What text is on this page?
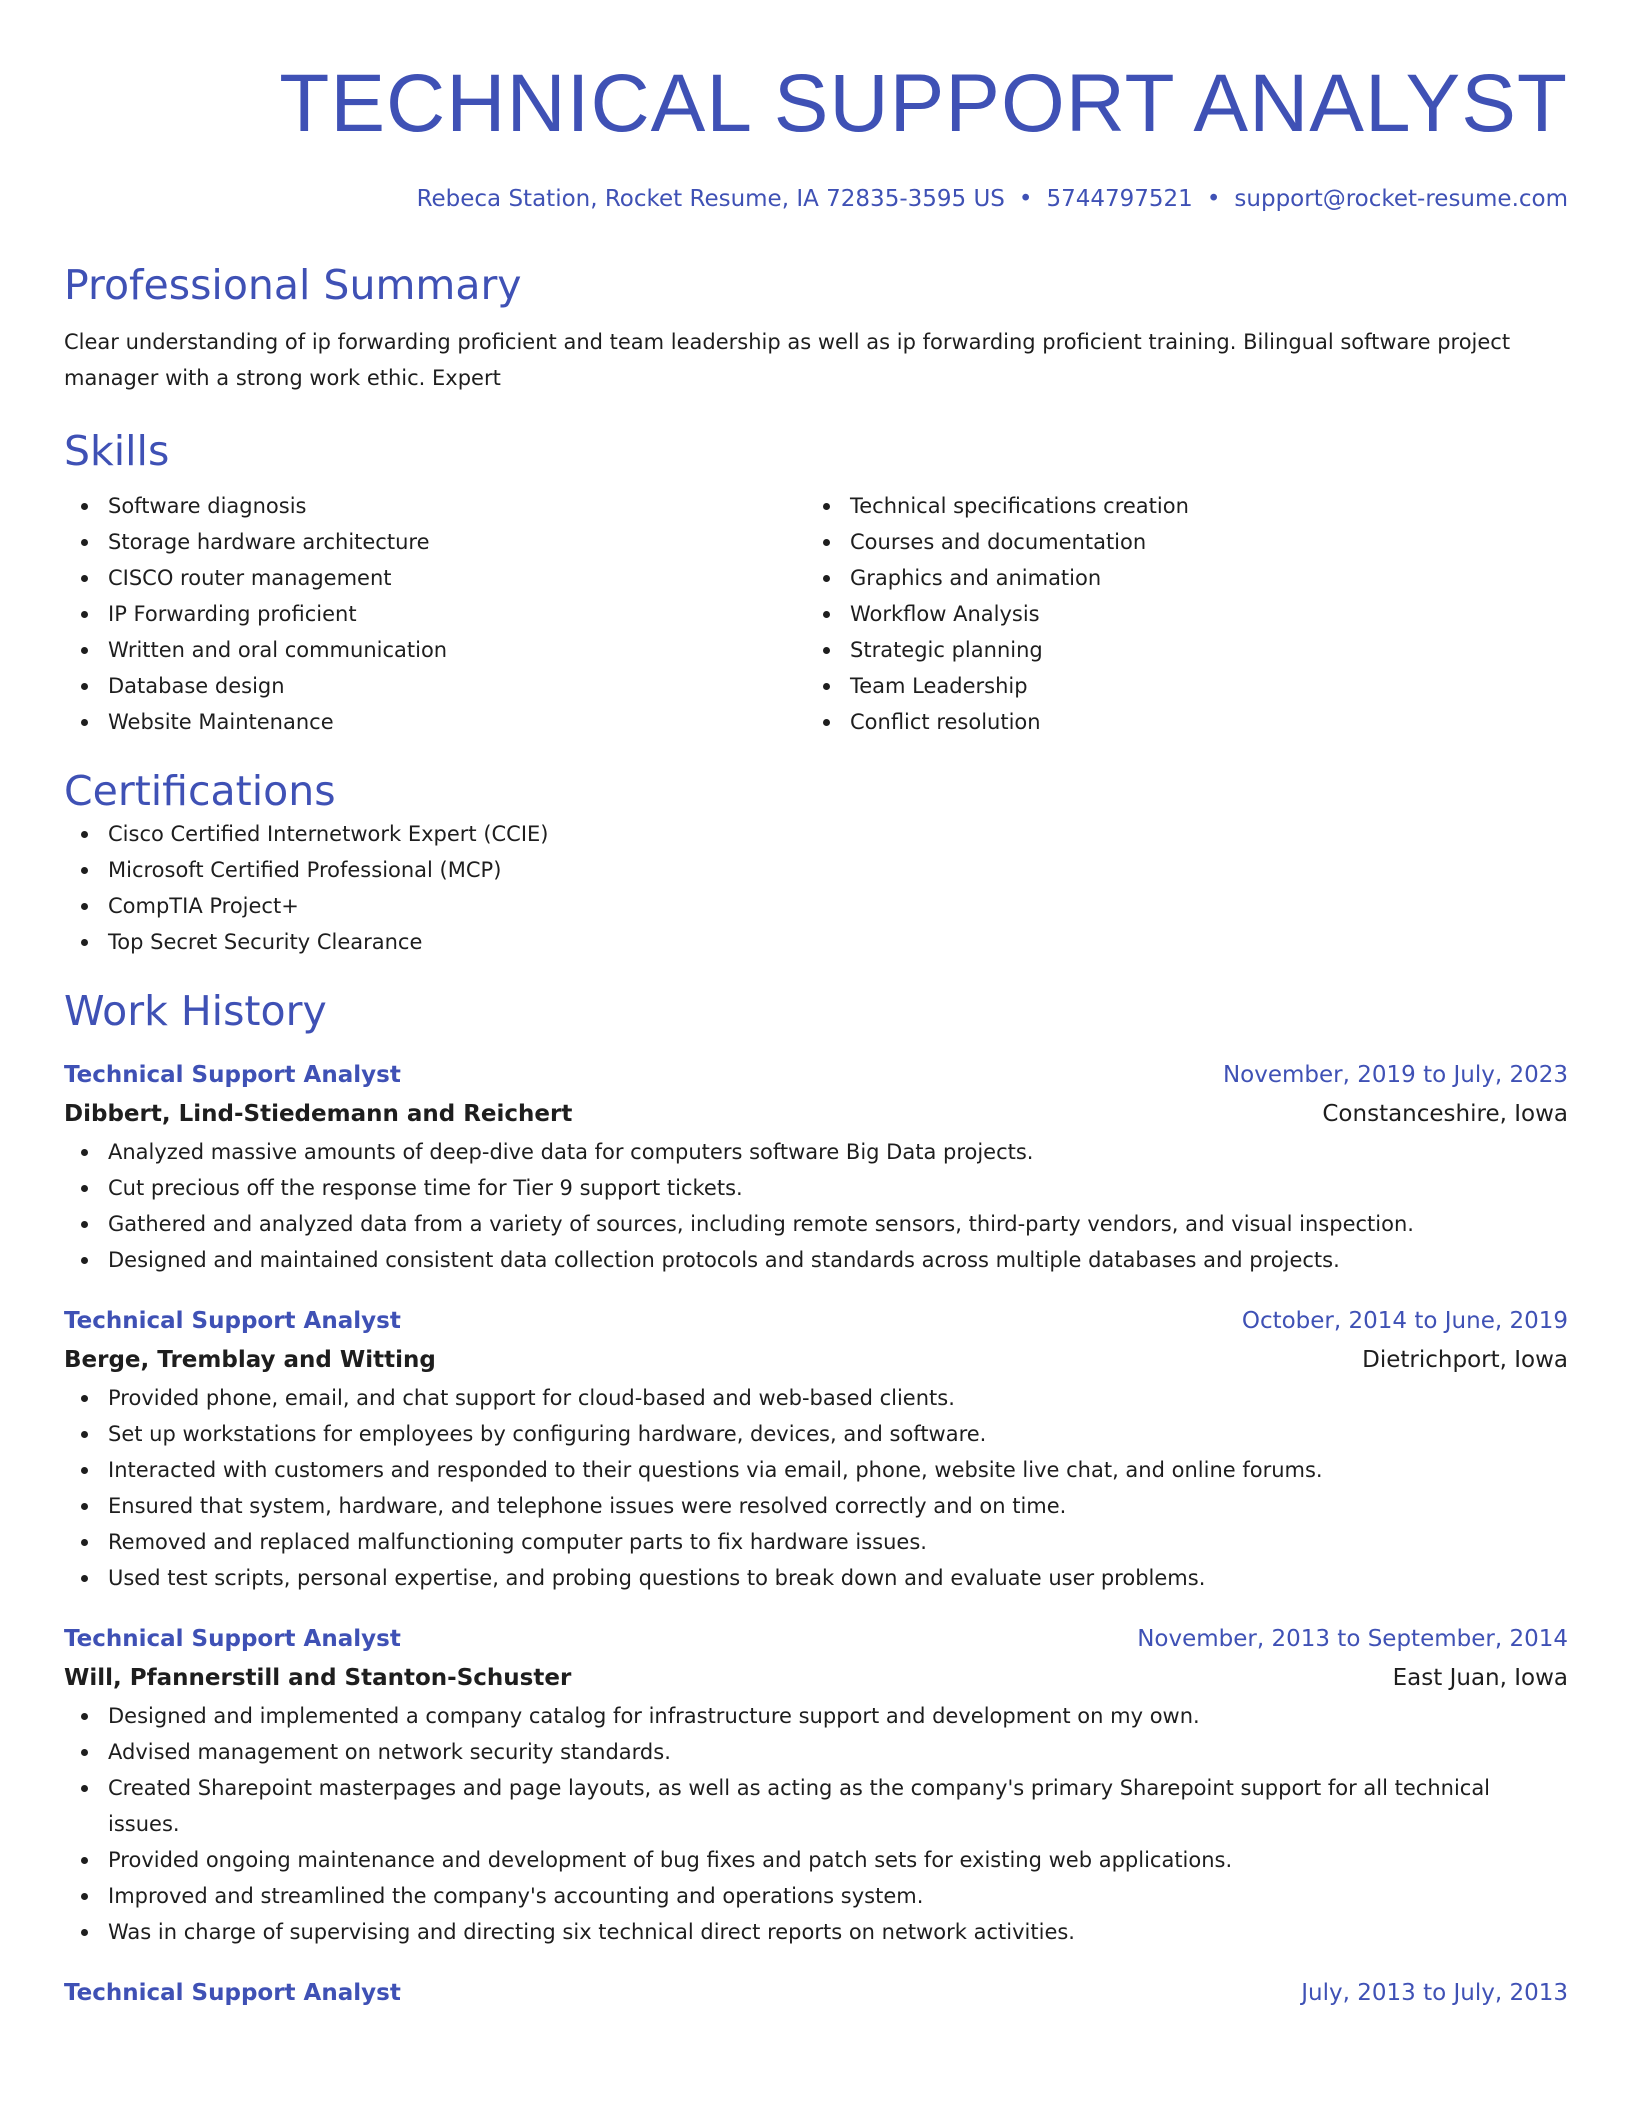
TECHNICAL SUPPORT ANALYST
Rebeca Station, Rocket Resume, IA 72835-3595 US • 5744797521 • support@rocket-resume.com
Professional Summary
Clear understanding of ip forwarding proficient and team leadership as well as ip forwarding proficient training. Bilingual software project manager with a strong work ethic. Expert
Skills
Software diagnosis
Storage hardware architecture
CISCO router management
IP Forwarding proficient
Written and oral communication
Database design
Website Maintenance
Technical specifications creation
Courses and documentation
Graphics and animation
Workflow Analysis
Strategic planning
Team Leadership
Conflict resolution
Certifications
Cisco Certified Internetwork Expert (CCIE)
Microsoft Certified Professional (MCP)
CompTIA Project+
Top Secret Security Clearance
Work History
Technical Support Analyst	November, 2019 to July, 2023
Dibbert, Lind-Stiedemann and Reichert	Constanceshire, Iowa
Analyzed massive amounts of deep-dive data for computers software Big Data projects.
Cut precious off the response time for Tier 9 support tickets.
Gathered and analyzed data from a variety of sources, including remote sensors, third-party vendors, and visual inspection.
Designed and maintained consistent data collection protocols and standards across multiple databases and projects.
Technical Support Analyst	October, 2014 to June, 2019
Berge, Tremblay and Witting	Dietrichport, Iowa
Provided phone, email, and chat support for cloud-based and web-based clients.
Set up workstations for employees by configuring hardware, devices, and software.
Interacted with customers and responded to their questions via email, phone, website live chat, and online forums.
Ensured that system, hardware, and telephone issues were resolved correctly and on time.
Removed and replaced malfunctioning computer parts to fix hardware issues.
Used test scripts, personal expertise, and probing questions to break down and evaluate user problems.
Technical Support Analyst	November, 2013 to September, 2014
Will, Pfannerstill and Stanton-Schuster	East Juan, Iowa
Designed and implemented a company catalog for infrastructure support and development on my own.
Advised management on network security standards.
Created Sharepoint masterpages and page layouts, as well as acting as the company's primary Sharepoint support for all technical issues.
Provided ongoing maintenance and development of bug fixes and patch sets for existing web applications.
Improved and streamlined the company's accounting and operations system.
Was in charge of supervising and directing six technical direct reports on network activities.
Technical Support Analyst	July, 2013 to July, 2013
